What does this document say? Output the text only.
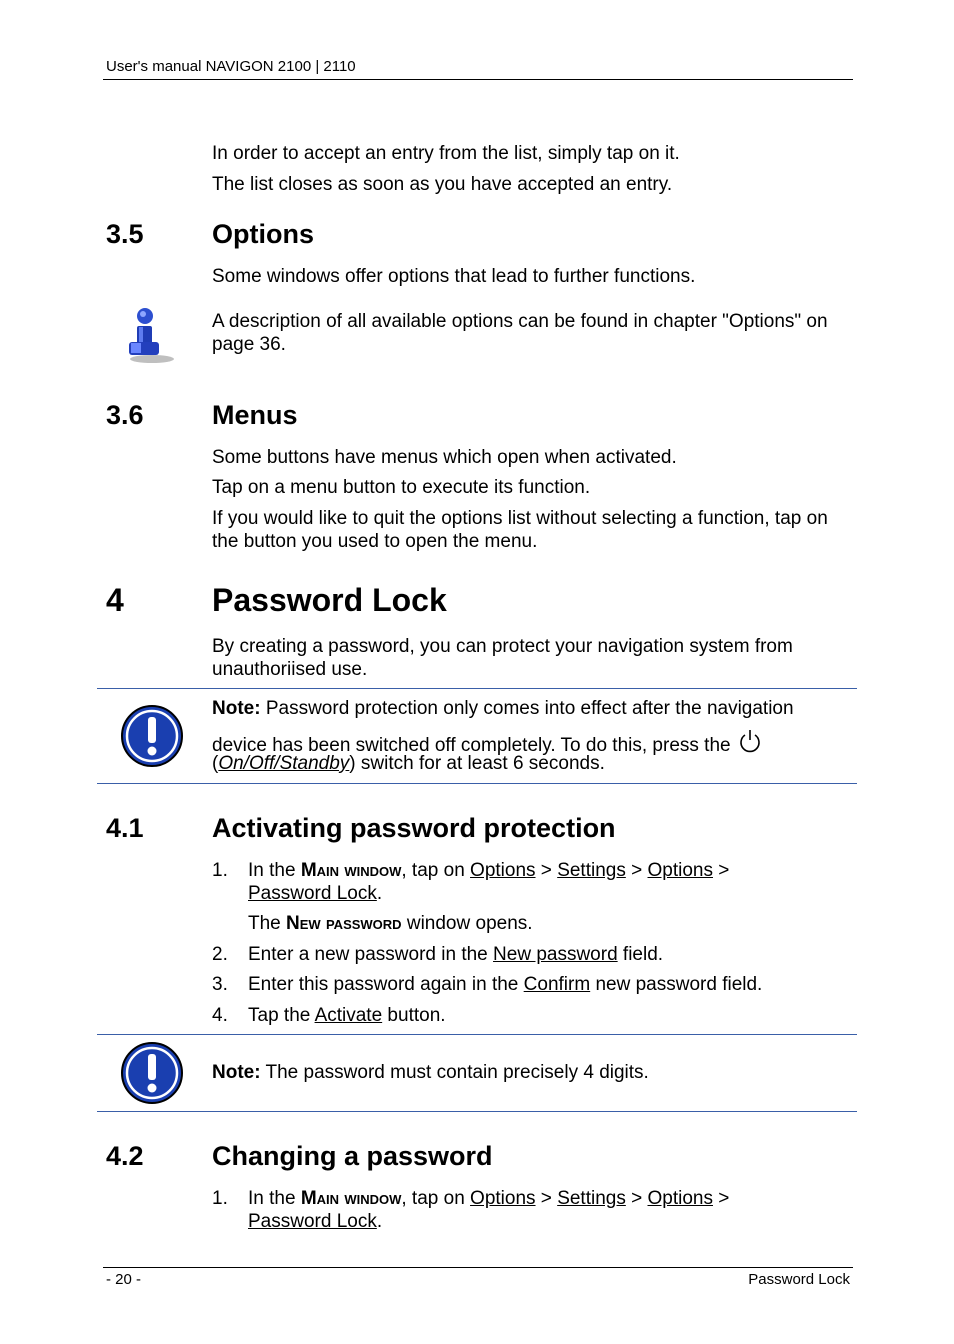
User's manual NAVIGON 2100 | 2110
In order to accept an entry from the list, simply tap on it.
The list closes as soon as you have accepted an entry.
3.5	Options
Some windows offer options that lead to further functions.
A description of all available options can be found in chapter "Options" on page 36.
3.6	Menus
Some buttons have menus which open when activated.
Tap on a menu button to execute its function.
If you would like to quit the options list without selecting a function, tap on the button you used to open the menu.
4	Password Lock
By creating a password, you can protect your navigation system from unauthoriised use.
Note: Password protection only comes into effect after the navigation
device has been switched off completely. To do this, press the
(On/Off/Standby) switch for at least 6 seconds.
4.1	Activating password protection
1. In the Main window, tap on Options > Settings > Options >
Password Lock.
The New password window opens.
2. Enter a new password in the New password field.
3. Enter this password again in the Confirm new password field.
4. Tap the Activate button.
Note: The password must contain precisely 4 digits.
4.2	Changing a password
1. In the Main window, tap on Options > Settings > Options >
Password Lock.
- 20 -	Password Lock
